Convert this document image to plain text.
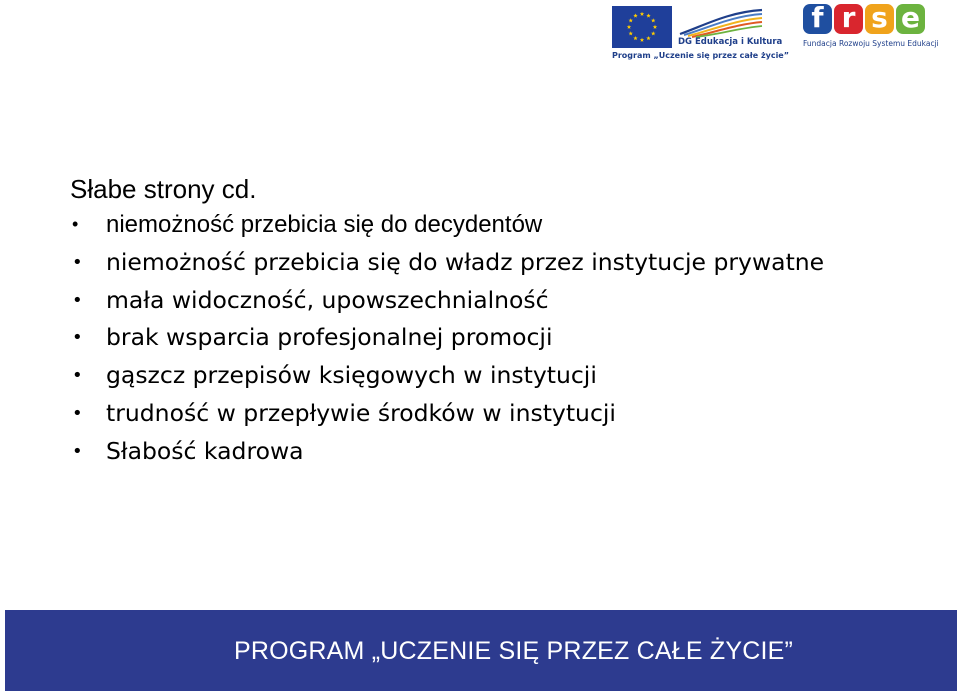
DG Edukacja i Kultura
Program „Uczenie się przez całe życie”
f r s e
Fundacja Rozwoju Systemu Edukacji
Słabe strony cd.
• niemożność przebicia się do decydentów
• niemożność przebicia się do władz przez instytucje prywatne
• mała widoczność, upowszechnialność
• brak wsparcia profesjonalnej promocji
• gąszcz przepisów księgowych w instytucji
• trudność w przepływie środków w instytucji
• Słabość kadrowa
PROGRAM „UCZENIE SIĘ PRZEZ CAŁE ŻYCIE”
